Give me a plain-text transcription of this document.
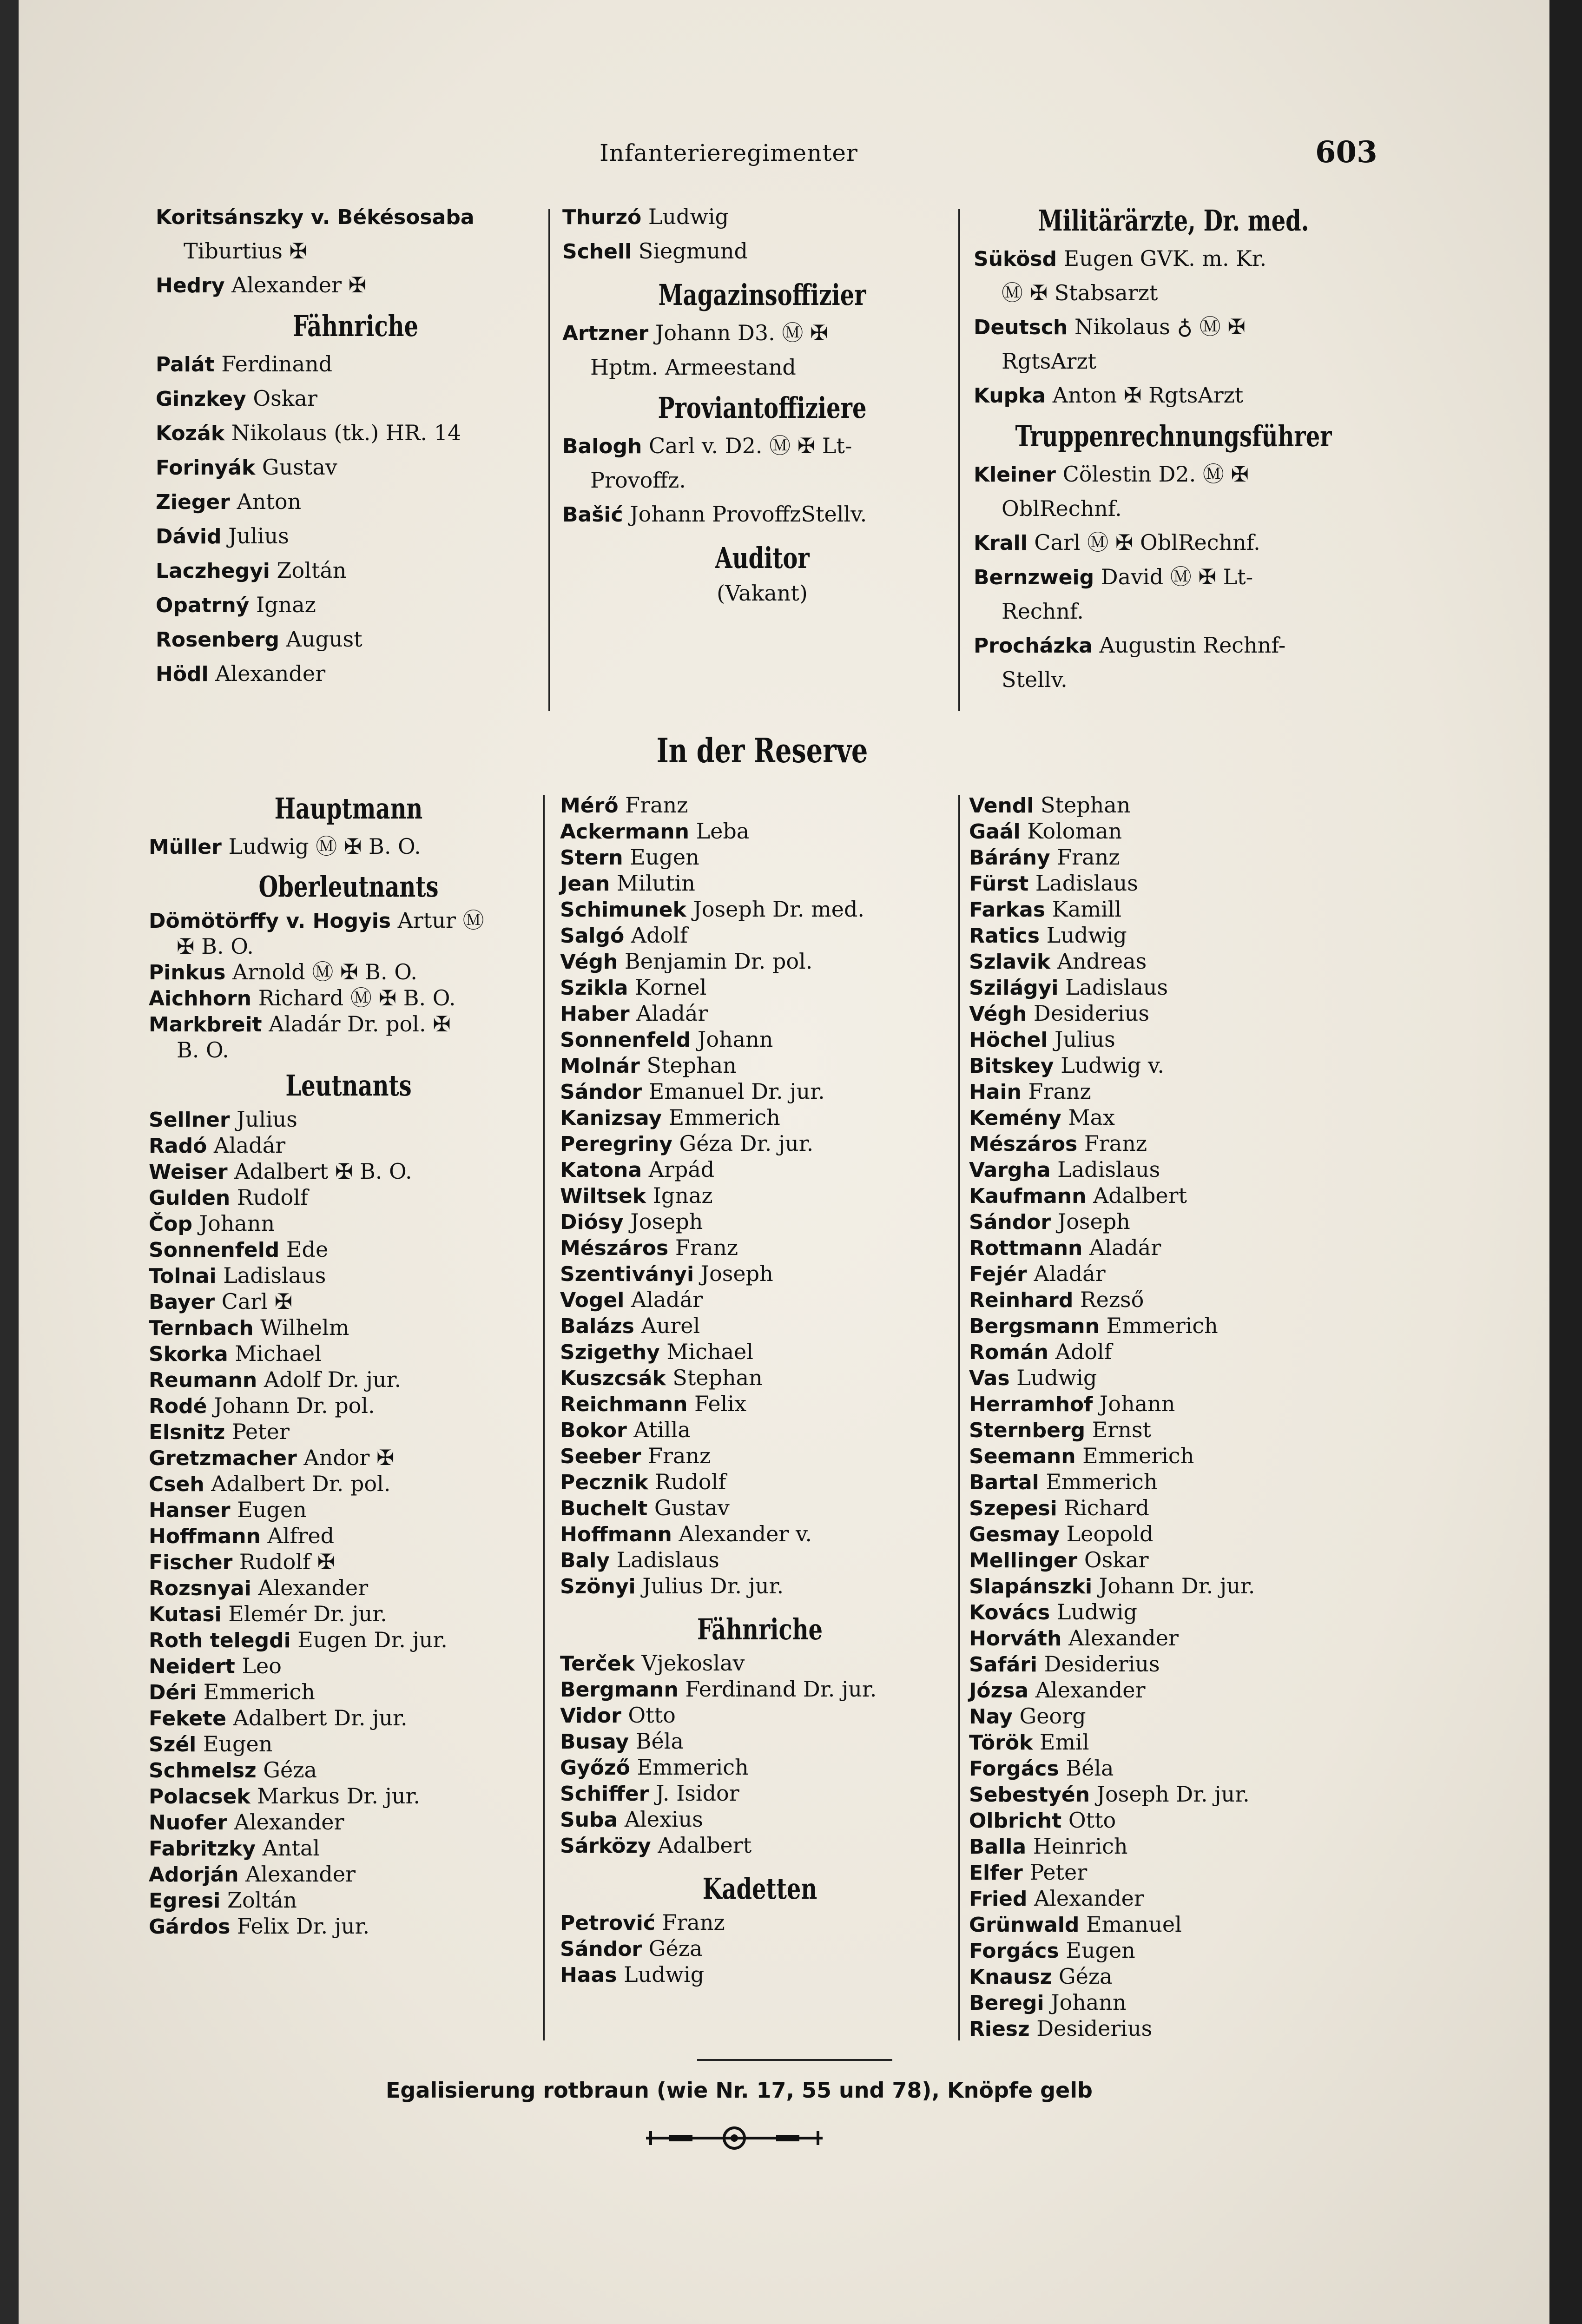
Infanterieregimenter	603
Koritsánszky v. Békésosaba
Tiburtius ✠
Hedry Alexander ✠
Fähnriche
Palát Ferdinand
Ginzkey Oskar
Kozák Nikolaus (tk.) HR. 14
Forinyák Gustav
Zieger Anton
Dávid Julius
Laczhegyi Zoltán
Opatrný Ignaz
Rosenberg August
Hödl Alexander
Thurzó Ludwig
Schell Siegmund
Magazinsoffizier
Artzner Johann D3. Ⓜ ✠
Hptm. Armeestand
Proviantoffiziere
Balogh Carl v. D2. Ⓜ ✠ Lt-
Provoffz.
Bašić Johann ProvoffzStellv.
Auditor
(Vakant)
Militärärzte, Dr. med.
Sükösd Eugen GVK. m. Kr.
Ⓜ ✠ Stabsarzt
Deutsch Nikolaus ♁ Ⓜ ✠
RgtsArzt
Kupka Anton ✠ RgtsArzt
Truppenrechnungsführer
Kleiner Cölestin D2. Ⓜ ✠
OblRechnf.
Krall Carl Ⓜ ✠ OblRechnf.
Bernzweig David Ⓜ ✠ Lt-
Rechnf.
Procházka Augustin Rechnf-
Stellv.
In der Reserve
Hauptmann
Müller Ludwig Ⓜ ✠ B. O.
Oberleutnants
Dömötörffy v. Hogyis Artur Ⓜ
✠ B. O.
Pinkus Arnold Ⓜ ✠ B. O.
Aichhorn Richard Ⓜ ✠ B. O.
Markbreit Aladár Dr. pol. ✠
B. O.
Leutnants
Sellner Julius
Radó Aladár
Weiser Adalbert ✠ B. O.
Gulden Rudolf
Čop Johann
Sonnenfeld Ede
Tolnai Ladislaus
Bayer Carl ✠
Ternbach Wilhelm
Skorka Michael
Reumann Adolf Dr. jur.
Rodé Johann Dr. pol.
Elsnitz Peter
Gretzmacher Andor ✠
Cseh Adalbert Dr. pol.
Hanser Eugen
Hoffmann Alfred
Fischer Rudolf ✠
Rozsnyai Alexander
Kutasi Elemér Dr. jur.
Roth telegdi Eugen Dr. jur.
Neidert Leo
Déri Emmerich
Fekete Adalbert Dr. jur.
Szél Eugen
Schmelsz Géza
Polacsek Markus Dr. jur.
Nuofer Alexander
Fabritzky Antal
Adorján Alexander
Egresi Zoltán
Gárdos Felix Dr. jur.
Mérő Franz
Ackermann Leba
Stern Eugen
Jean Milutin
Schimunek Joseph Dr. med.
Salgó Adolf
Végh Benjamin Dr. pol.
Szikla Kornel
Haber Aladár
Sonnenfeld Johann
Molnár Stephan
Sándor Emanuel Dr. jur.
Kanizsay Emmerich
Peregriny Géza Dr. jur.
Katona Arpád
Wiltsek Ignaz
Diósy Joseph
Mészáros Franz
Szentiványi Joseph
Vogel Aladár
Balázs Aurel
Szigethy Michael
Kuszcsák Stephan
Reichmann Felix
Bokor Atilla
Seeber Franz
Pecznik Rudolf
Buchelt Gustav
Hoffmann Alexander v.
Baly Ladislaus
Szönyi Julius Dr. jur.
Fähnriche
Terček Vjekoslav
Bergmann Ferdinand Dr. jur.
Vidor Otto
Busay Béla
Győző Emmerich
Schiffer J. Isidor
Suba Alexius
Sárközy Adalbert
Kadetten
Petrović Franz
Sándor Géza
Haas Ludwig
Vendl Stephan
Gaál Koloman
Bárány Franz
Fürst Ladislaus
Farkas Kamill
Ratics Ludwig
Szlavik Andreas
Szilágyi Ladislaus
Végh Desiderius
Höchel Julius
Bitskey Ludwig v.
Hain Franz
Kemény Max
Mészáros Franz
Vargha Ladislaus
Kaufmann Adalbert
Sándor Joseph
Rottmann Aladár
Fejér Aladár
Reinhard Rezső
Bergsmann Emmerich
Román Adolf
Vas Ludwig
Herramhof Johann
Sternberg Ernst
Seemann Emmerich
Bartal Emmerich
Szepesi Richard
Gesmay Leopold
Mellinger Oskar
Slapánszki Johann Dr. jur.
Kovács Ludwig
Horváth Alexander
Safári Desiderius
Józsa Alexander
Nay Georg
Török Emil
Forgács Béla
Sebestyén Joseph Dr. jur.
Olbricht Otto
Balla Heinrich
Elfer Peter
Fried Alexander
Grünwald Emanuel
Forgács Eugen
Knausz Géza
Beregi Johann
Riesz Desiderius
Egalisierung rotbraun (wie Nr. 17, 55 und 78), Knöpfe gelb
